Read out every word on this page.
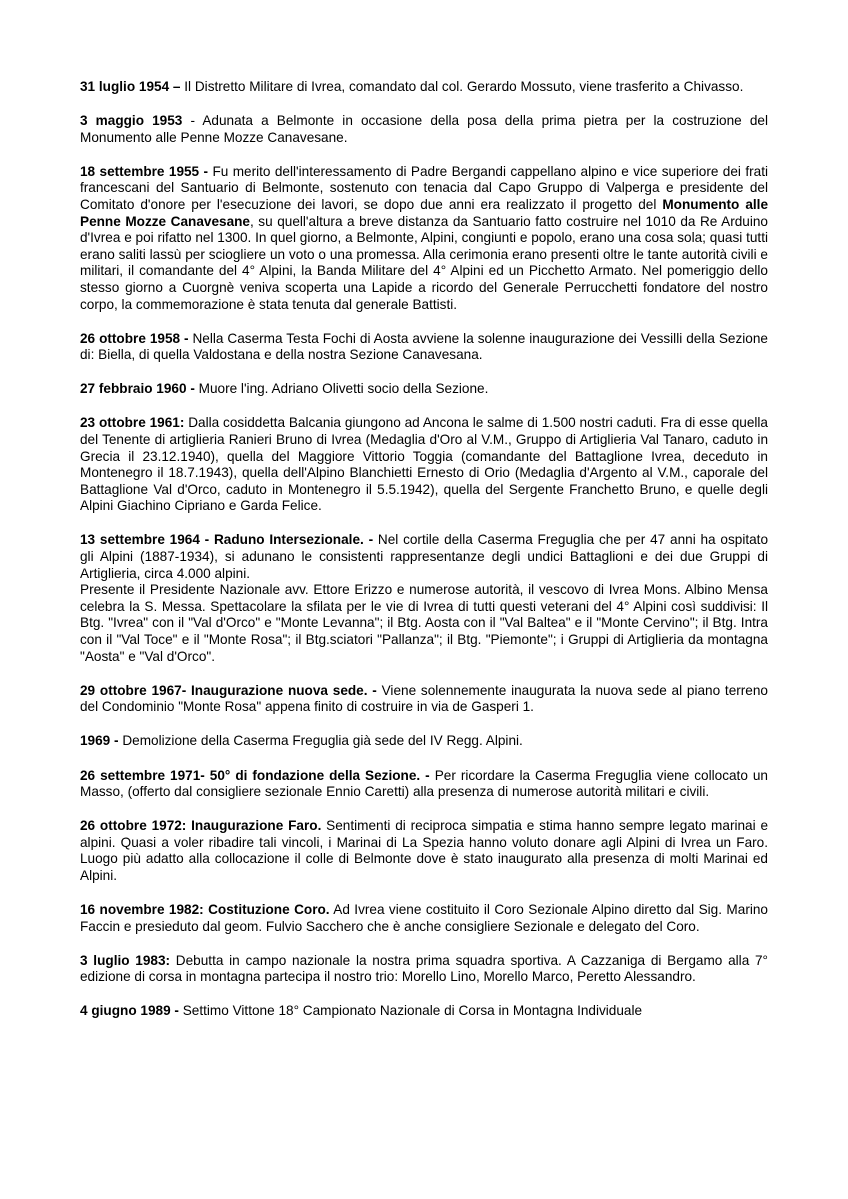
31 luglio 1954 – Il Distretto Militare di Ivrea, comandato dal col. Gerardo Mossuto, viene trasferito a Chivasso.

3 maggio 1953 - Adunata a Belmonte in occasione della posa della prima pietra per la costruzione del Monumento alle Penne Mozze Canavesane.

18 settembre 1955 - Fu merito dell'interessamento di Padre Bergandi cappellano alpino e vice superiore dei frati francescani del Santuario di Belmonte, sostenuto con tenacia dal Capo Gruppo di Valperga e presidente del Comitato d'onore per l'esecuzione dei lavori, se dopo due anni era realizzato il progetto del Monumento alle Penne Mozze Canavesane, su quell'altura a breve distanza da Santuario fatto costruire nel 1010 da Re Arduino d'Ivrea e poi rifatto nel 1300. In quel giorno, a Belmonte, Alpini, congiunti e popolo, erano una cosa sola; quasi tutti erano saliti lassù per sciogliere un voto o una promessa. Alla cerimonia erano presenti oltre le tante autorità civili e militari, il comandante del 4° Alpini, la Banda Militare del 4° Alpini ed un Picchetto Armato. Nel pomeriggio dello stesso giorno a Cuorgnè veniva scoperta una Lapide a ricordo del Generale Perrucchetti fondatore del nostro corpo, la commemorazione è stata tenuta dal generale Battisti.

26 ottobre 1958 - Nella Caserma Testa Fochi di Aosta avviene la solenne inaugurazione dei Vessilli della Sezione di: Biella, di quella Valdostana e della nostra Sezione Canavesana.

27 febbraio 1960 - Muore l'ing. Adriano Olivetti socio della Sezione.

23 ottobre 1961: Dalla cosiddetta Balcania giungono ad Ancona le salme di 1.500 nostri caduti. Fra di esse quella del Tenente di artiglieria Ranieri Bruno di Ivrea (Medaglia d'Oro al V.M., Gruppo di Artiglieria Val Tanaro, caduto in Grecia il 23.12.1940), quella del Maggiore Vittorio Toggia (comandante del Battaglione Ivrea, deceduto in Montenegro il 18.7.1943), quella dell'Alpino Blanchietti Ernesto di Orio (Medaglia d'Argento al V.M., caporale del Battaglione Val d'Orco, caduto in Montenegro il 5.5.1942), quella del Sergente Franchetto Bruno, e quelle degli Alpini Giachino Cipriano e Garda Felice.

13 settembre 1964 - Raduno Intersezionale. - Nel cortile della Caserma Freguglia che per 47 anni ha ospitato gli Alpini (1887-1934), si adunano le consistenti rappresentanze degli undici Battaglioni e dei due Gruppi di Artiglieria, circa 4.000 alpini.
Presente il Presidente Nazionale avv. Ettore Erizzo e numerose autorità, il vescovo di Ivrea Mons. Albino Mensa celebra la S. Messa. Spettacolare la sfilata per le vie di Ivrea di tutti questi veterani del 4° Alpini così suddivisi: Il Btg. "Ivrea" con il "Val d'Orco" e "Monte Levanna"; il Btg. Aosta con il "Val Baltea" e il "Monte Cervino"; il Btg. Intra con il "Val Toce" e il "Monte Rosa"; il Btg.sciatori "Pallanza"; il Btg. "Piemonte"; i Gruppi di Artiglieria da montagna "Aosta" e "Val d'Orco".

29 ottobre 1967- Inaugurazione nuova sede. - Viene solennemente inaugurata la nuova sede al piano terreno del Condominio "Monte Rosa" appena finito di costruire in via de Gasperi 1.

1969 - Demolizione della Caserma Freguglia già sede del IV Regg. Alpini.

26 settembre 1971- 50° di fondazione della Sezione. - Per ricordare la Caserma Freguglia viene collocato un Masso, (offerto dal consigliere sezionale Ennio Caretti) alla presenza di numerose autorità militari e civili.

26 ottobre 1972: Inaugurazione Faro. Sentimenti di reciproca simpatia e stima hanno sempre legato marinai e alpini. Quasi a voler ribadire tali vincoli, i Marinai di La Spezia hanno voluto donare agli Alpini di Ivrea un Faro. Luogo più adatto alla collocazione il colle di Belmonte dove è stato inaugurato alla presenza di molti Marinai ed Alpini.

16 novembre 1982: Costituzione Coro. Ad Ivrea viene costituito il Coro Sezionale Alpino diretto dal Sig. Marino Faccin e presieduto dal geom. Fulvio Sacchero che è anche consigliere Sezionale e delegato del Coro.

3 luglio 1983: Debutta in campo nazionale la nostra prima squadra sportiva. A Cazzaniga di Bergamo alla 7° edizione di corsa in montagna partecipa il nostro trio: Morello Lino, Morello Marco, Peretto Alessandro.

4 giugno 1989 - Settimo Vittone 18° Campionato Nazionale di Corsa in Montagna Individuale
